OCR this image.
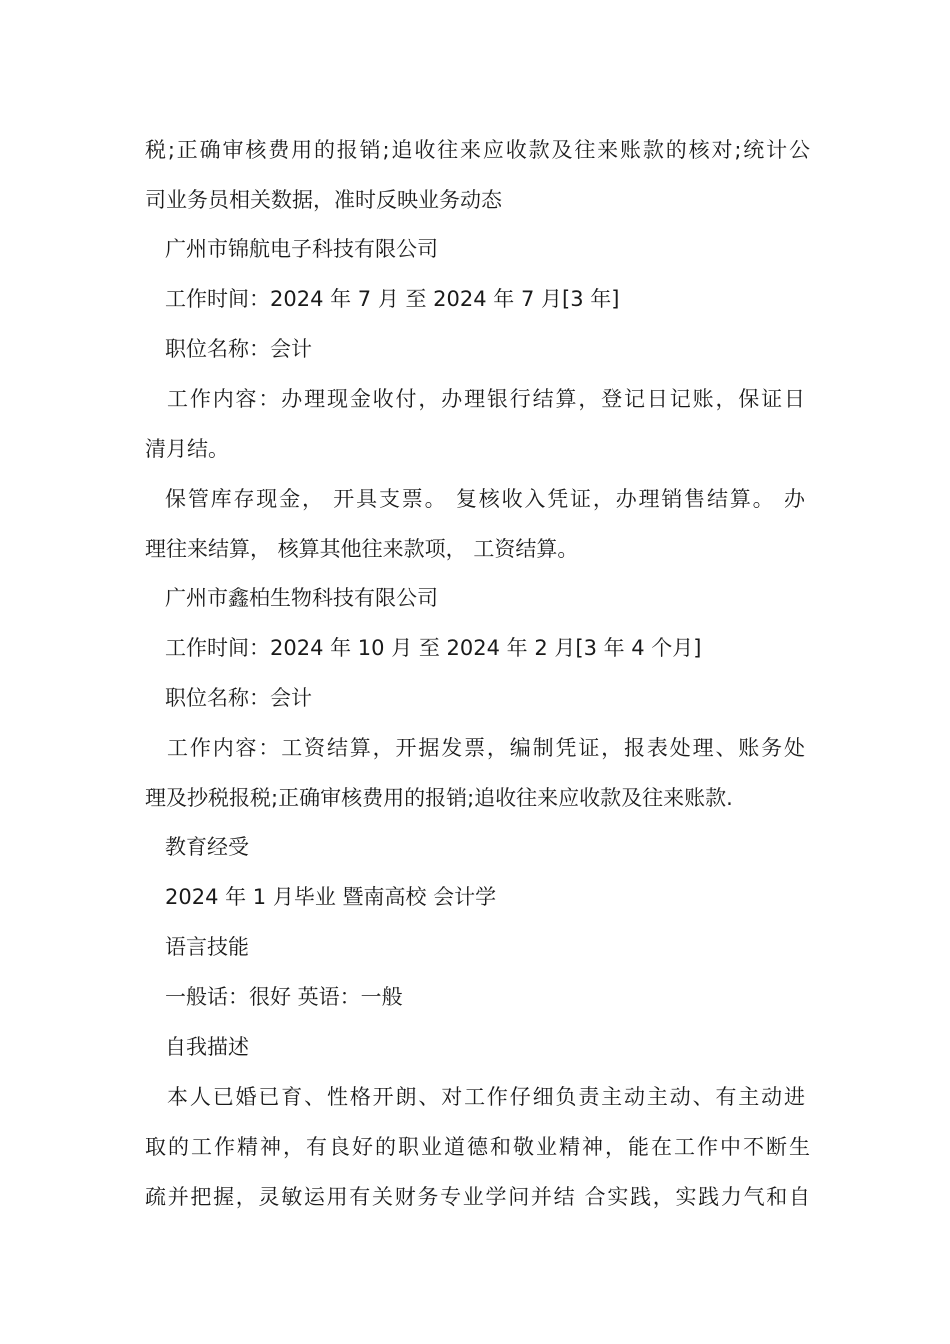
税;正确审核费用的报销;追收往来应收款及往来账款的核对;统计公
司业务员相关数据，准时反映业务动态
广州市锦航电子科技有限公司
工作时间：2024 年 7 月 至 2024 年 7 月[3 年]
职位名称：会计
工作内容：办理现金收付，办理银行结算，登记日记账，保证日
清月结。
保管库存现金， 开具支票。 复核收入凭证，办理销售结算。 办
理往来结算， 核算其他往来款项， 工资结算。
广州市鑫柏生物科技有限公司
工作时间：2024 年 10 月 至 2024 年 2 月[3 年 4 个月]
职位名称：会计
工作内容：工资结算，开据发票，编制凭证，报表处理、账务处
理及抄税报税;正确审核费用的报销;追收往来应收款及往来账款.
教育经受
2024 年 1 月毕业 暨南高校 会计学
语言技能
一般话：很好 英语：一般
自我描述
本人已婚已育、性格开朗、对工作仔细负责主动主动、有主动进
取的工作精神，有良好的职业道德和敬业精神，能在工作中不断生
疏并把握，灵敏运用有关财务专业学问并结 合实践，实践力气和自
